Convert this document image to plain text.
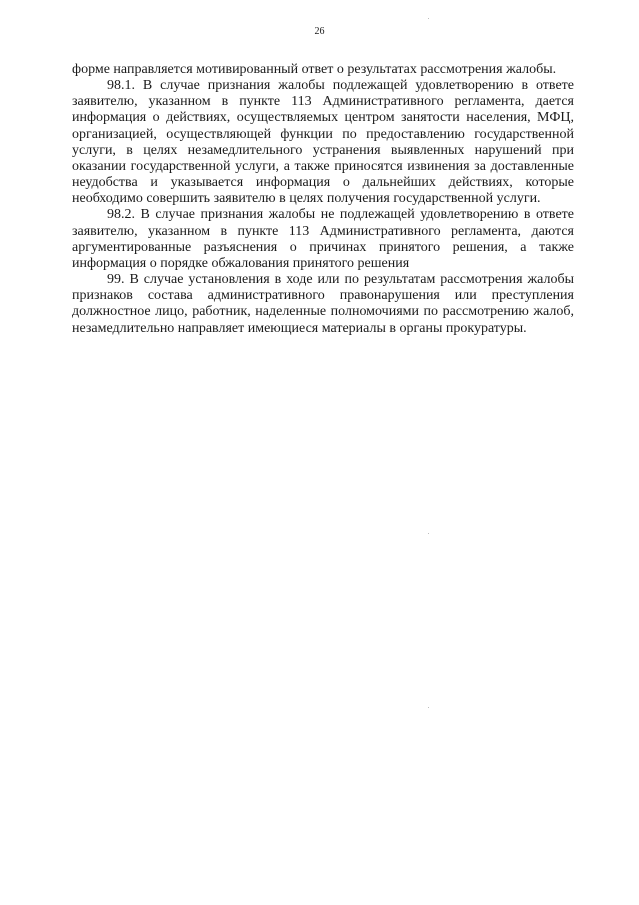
26

форме направляется мотивированный ответ о результатах рассмотрения жалобы.

98.1. В случае признания жалобы подлежащей удовлетворению в ответе заявителю, указанном в пункте 113 Административного регламента, дается информация о действиях, осуществляемых центром занятости населения, МФЦ, организацией, осуществляющей функции по предоставлению государственной услуги, в целях незамедлительного устранения выявленных нарушений при оказании государственной услуги, а также приносятся извинения за доставленные неудобства и указывается информация о дальнейших действиях, которые необходимо совершить заявителю в целях получения государственной услуги.

98.2. В случае признания жалобы не подлежащей удовлетворению в ответе заявителю, указанном в пункте 113 Административного регламента, даются аргументированные разъяснения о причинах принятого решения, а также информация о порядке обжалования принятого решения

99. В случае установления в ходе или по результатам рассмотрения жалобы признаков состава административного правонарушения или преступления должностное лицо, работник, наделенные полномочиями по рассмотрению жалоб, незамедлительно направляет имеющиеся материалы в органы прокуратуры.
